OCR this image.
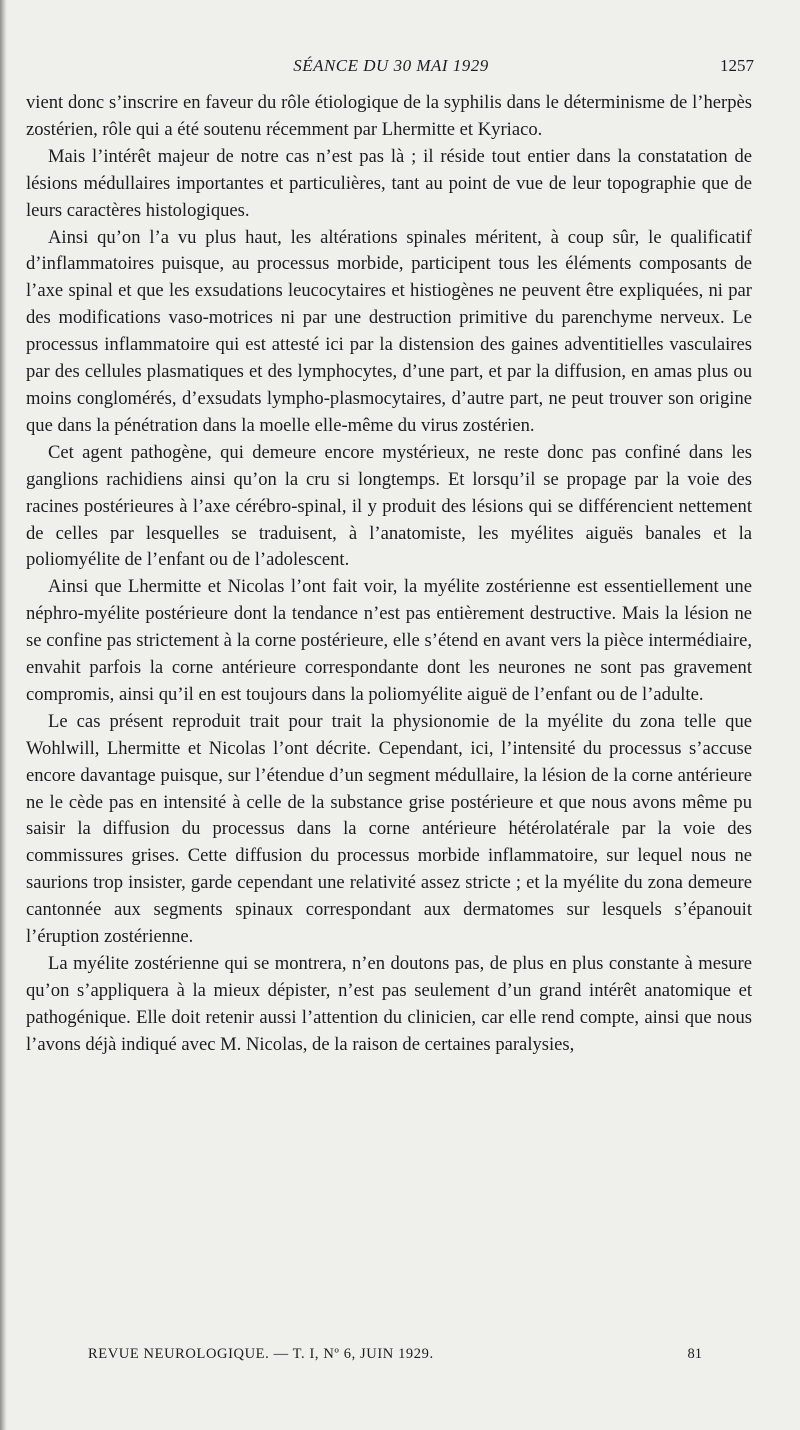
SÉANCE DU 30 MAI 1929	1257

vient donc s’inscrire en faveur du rôle étiologique de la syphilis dans le déterminisme de l’herpès zostérien, rôle qui a été soutenu récemment par Lhermitte et Kyriaco.

Mais l’intérêt majeur de notre cas n’est pas là ; il réside tout entier dans la constatation de lésions médullaires importantes et particulières, tant au point de vue de leur topographie que de leurs caractères histologiques.

Ainsi qu’on l’a vu plus haut, les altérations spinales méritent, à coup sûr, le qualificatif d’inflammatoires puisque, au processus morbide, participent tous les éléments composants de l’axe spinal et que les exsudations leucocytaires et histiogènes ne peuvent être expliquées, ni par des modifications vaso-motrices ni par une destruction primitive du parenchyme nerveux. Le processus inflammatoire qui est attesté ici par la distension des gaines adventitielles vasculaires par des cellules plasmatiques et des lymphocytes, d’une part, et par la diffusion, en amas plus ou moins conglomérés, d’exsudats lympho-plasmocytaires, d’autre part, ne peut trouver son origine que dans la pénétration dans la moelle elle-même du virus zostérien.

Cet agent pathogène, qui demeure encore mystérieux, ne reste donc pas confiné dans les ganglions rachidiens ainsi qu’on la cru si longtemps. Et lorsqu’il se propage par la voie des racines postérieures à l’axe cérébro-spinal, il y produit des lésions qui se différencient nettement de celles par lesquelles se traduisent, à l’anatomiste, les myélites aiguës banales et la poliomyélite de l’enfant ou de l’adolescent.

Ainsi que Lhermitte et Nicolas l’ont fait voir, la myélite zostérienne est essentiellement une néphro-myélite postérieure dont la tendance n’est pas entièrement destructive. Mais la lésion ne se confine pas strictement à la corne postérieure, elle s’étend en avant vers la pièce intermédiaire, envahit parfois la corne antérieure correspondante dont les neurones ne sont pas gravement compromis, ainsi qu’il en est toujours dans la poliomyélite aiguë de l’enfant ou de l’adulte.

Le cas présent reproduit trait pour trait la physionomie de la myélite du zona telle que Wohlwill, Lhermitte et Nicolas l’ont décrite. Cependant, ici, l’intensité du processus s’accuse encore davantage puisque, sur l’étendue d’un segment médullaire, la lésion de la corne antérieure ne le cède pas en intensité à celle de la substance grise postérieure et que nous avons même pu saisir la diffusion du processus dans la corne antérieure hétérolatérale par la voie des commissures grises. Cette diffusion du processus morbide inflammatoire, sur lequel nous ne saurions trop insister, garde cependant une relativité assez stricte ; et la myélite du zona demeure cantonnée aux segments spinaux correspondant aux dermatomes sur lesquels s’épanouit l’éruption zostérienne.

La myélite zostérienne qui se montrera, n’en doutons pas, de plus en plus constante à mesure qu’on s’appliquera à la mieux dépister, n’est pas seulement d’un grand intérêt anatomique et pathogénique. Elle doit retenir aussi l’attention du clinicien, car elle rend compte, ainsi que nous l’avons déjà indiqué avec M. Nicolas, de la raison de certaines paralysies,

REVUE NEUROLOGIQUE. — T. I, Nº 6, JUIN 1929.	81
